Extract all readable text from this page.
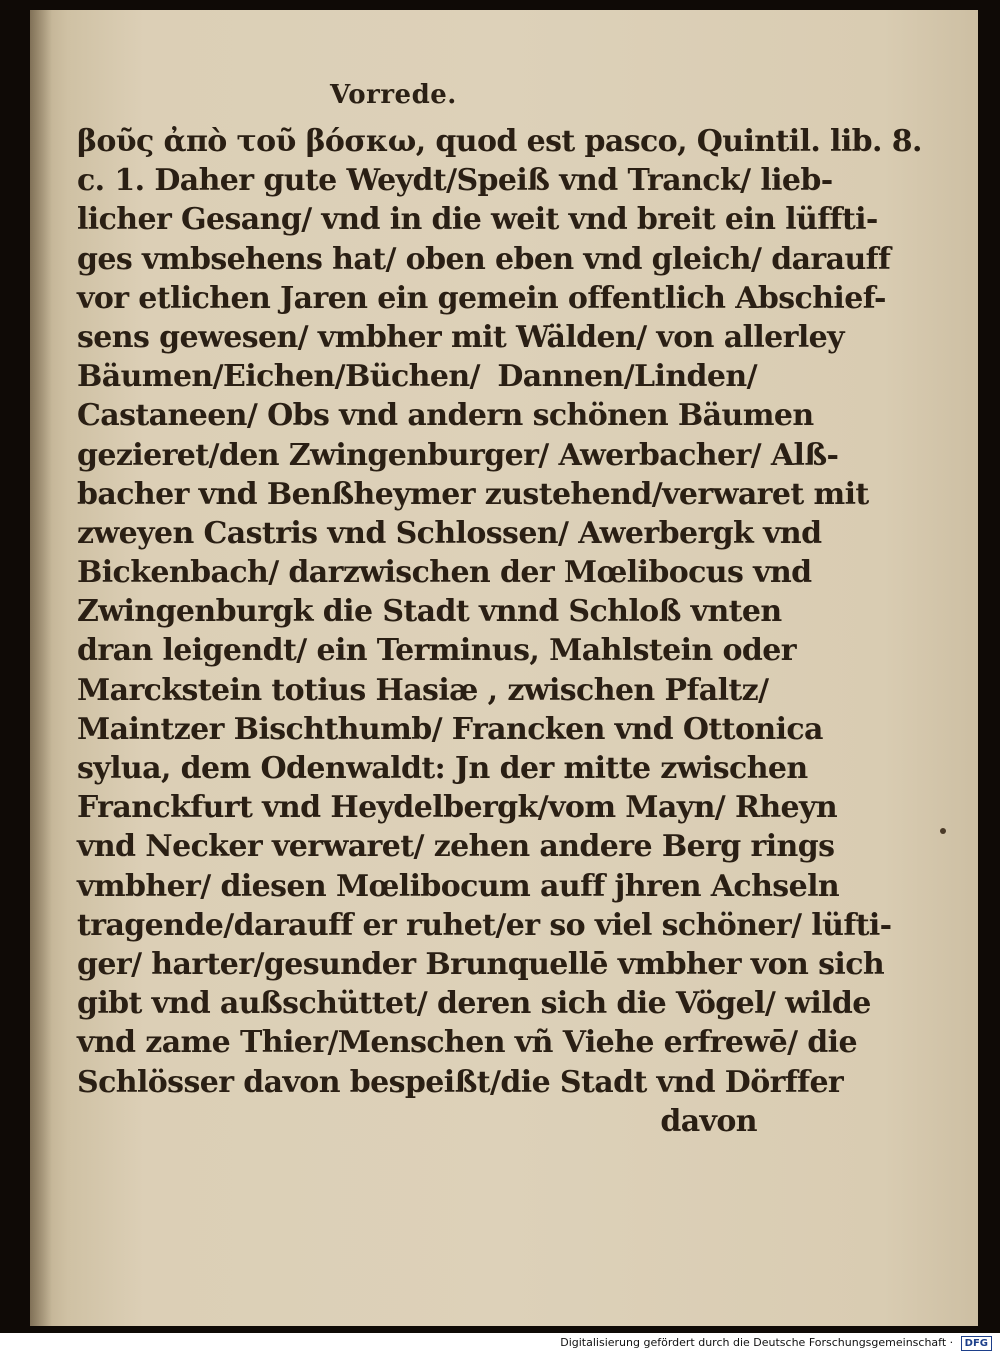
Vorrede.
βοῦς ἀπὸ τοῦ βόσκω, quod est pasco, Quintil. lib. 8.
c. 1. Daher gute Weydt/Speiß vnd Tranck/ lieb-
licher Gesang/ vnd in die weit vnd breit ein lüffti-
ges vmbsehens hat/ oben eben vnd gleich/ darauff
vor etlichen Jaren ein gemein offentlich Abschief-
sens gewesen/ vmbher mit Wälden/ von allerley
Bäumen/Eichen/Büchen/ Dannen/Linden/
Castaneen/ Obs vnd andern schönen Bäumen
gezieret/den Zwingenburger/ Awerbacher/ Alß-
bacher vnd Benßheymer zustehend/verwaret mit
zweyen Castris vnd Schlossen/ Awerbergk vnd
Bickenbach/ darzwischen der Mœlibocus vnd
Zwingenburgk die Stadt vnnd Schloß vnten
dran leigendt/ ein Terminus, Mahlstein oder
Marckstein totius Hasiæ , zwischen Pfaltz/
Maintzer Bischthumb/ Francken vnd Ottonica
sylua, dem Odenwaldt: Jn der mitte zwischen
Franckfurt vnd Heydelbergk/vom Mayn/ Rheyn
vnd Necker verwaret/ zehen andere Berg rings
vmbher/ diesen Mœlibocum auff jhren Achseln
tragende/darauff er ruhet/er so viel schöner/ lüfti-
ger/ harter/gesunder Brunquellē vmbher von sich
gibt vnd außschüttet/ deren sich die Vögel/ wilde
vnd zame Thier/Menschen vñ Viehe erfrewē/ die
Schlösser davon bespeißt/die Stadt vnd Dörffer
davon
Digitalisierung gefördert durch die Deutsche Forschungsgemeinschaft · DFG
